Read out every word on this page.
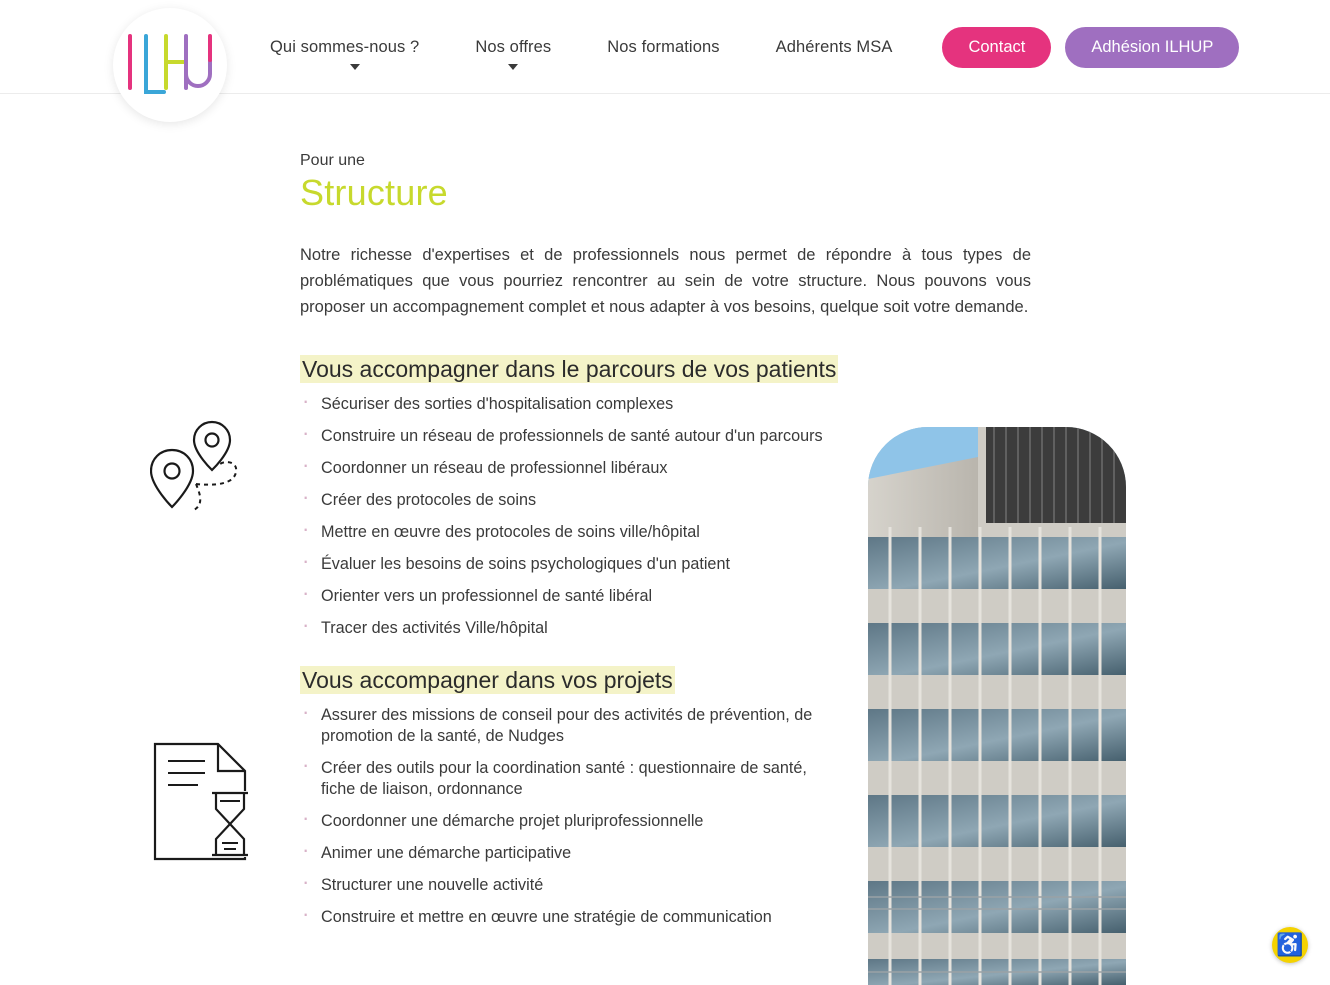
Qui sommes-nous ?	Nos offres	Nos formations	Adhérents MSA	Contact	Adhésion ILHUP

Pour une

Structure

Notre richesse d'expertises et de professionnels nous permet de répondre à tous types de problématiques que vous pourriez rencontrer au sein de votre structure. Nous pouvons vous proposer un accompagnement complet et nous adapter à vos besoins, quelque soit votre demande.

Vous accompagner dans le parcours de vos patients
· Sécuriser des sorties d'hospitalisation complexes
· Construire un réseau de professionnels de santé autour d'un parcours
· Coordonner un réseau de professionnel libéraux
· Créer des protocoles de soins
· Mettre en œuvre des protocoles de soins ville/hôpital
· Évaluer les besoins de soins psychologiques d'un patient
· Orienter vers un professionnel de santé libéral
· Tracer des activités Ville/hôpital
Vous accompagner dans vos projets
· Assurer des missions de conseil pour des activités de prévention, de promotion de la santé, de Nudges
· Créer des outils pour la coordination santé : questionnaire de santé, fiche de liaison, ordonnance
· Coordonner une démarche projet pluriprofessionnelle
· Animer une démarche participative
· Structurer une nouvelle activité
· Construire et mettre en œuvre une stratégie de communication
♿
